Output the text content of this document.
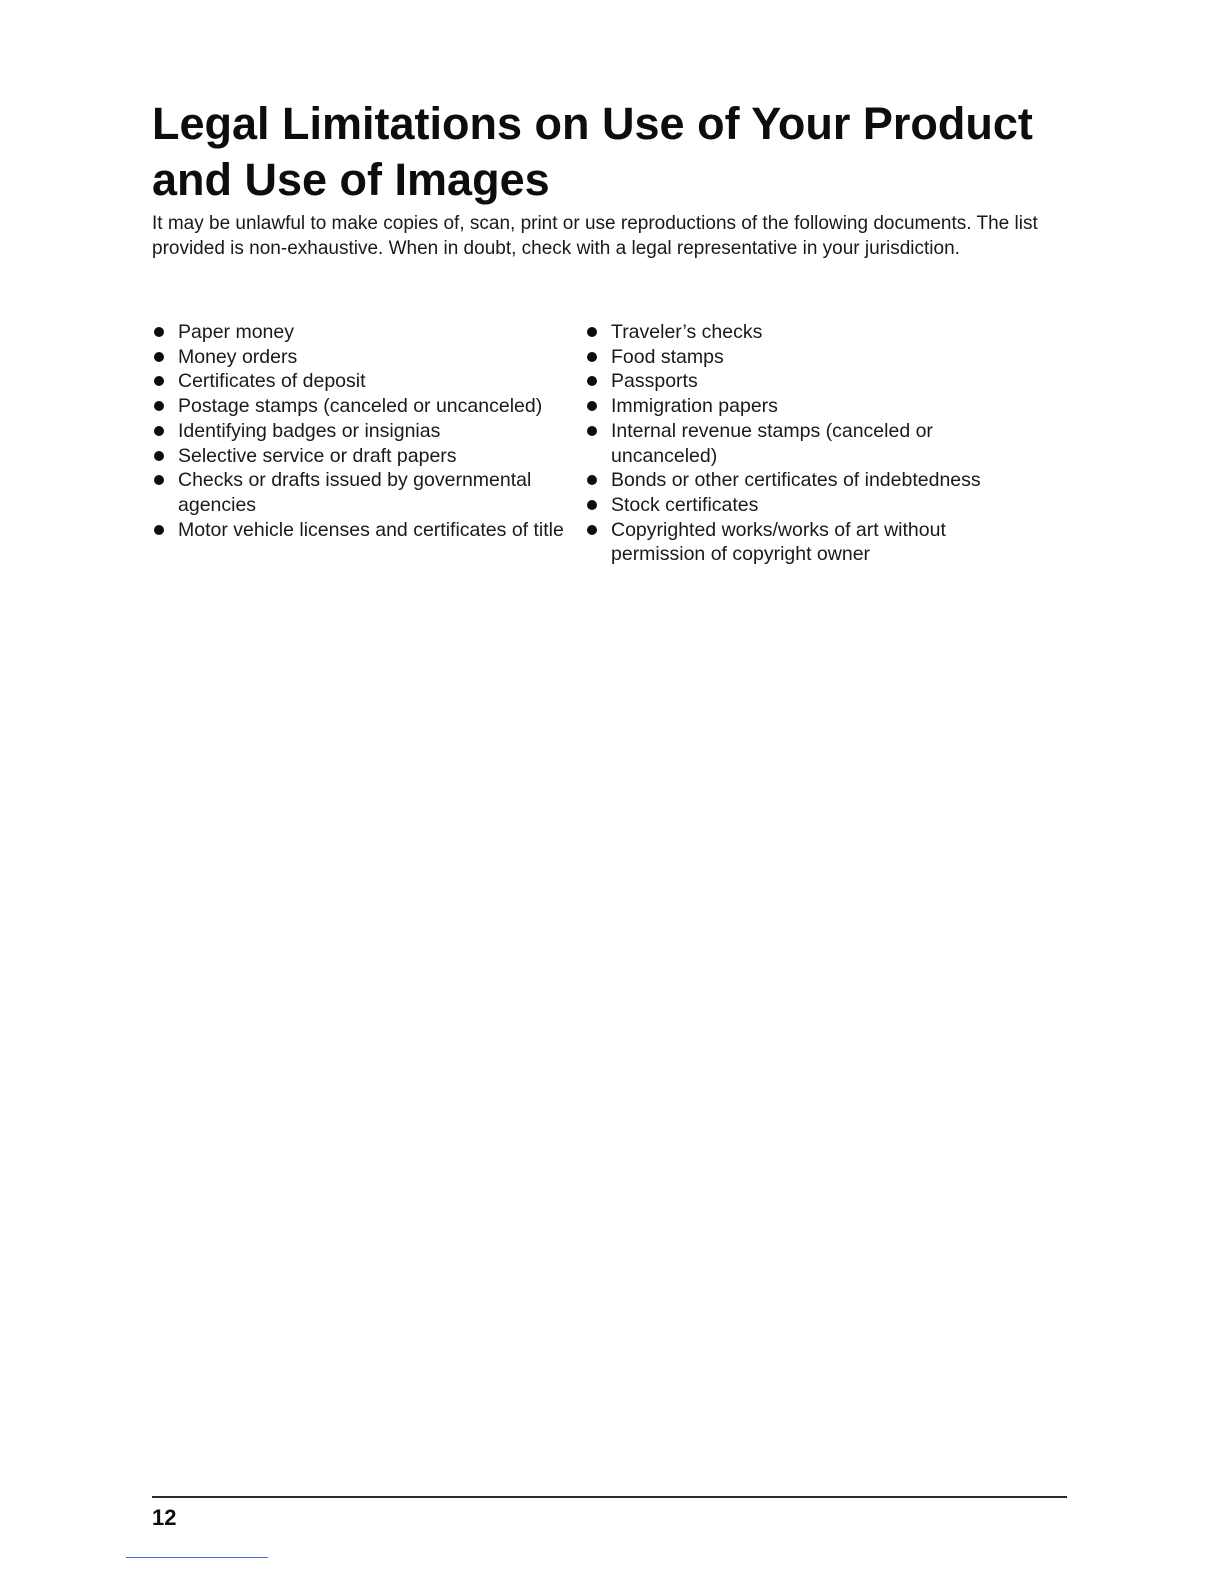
Legal Limitations on Use of Your Product and Use of Images

It may be unlawful to make copies of, scan, print or use reproductions of the following documents. The list provided is non-exhaustive. When in doubt, check with a legal representative in your jurisdiction.

Paper money
Money orders
Certificates of deposit
Postage stamps (canceled or uncanceled)
Identifying badges or insignias
Selective service or draft papers
Checks or drafts issued by governmental agencies
Motor vehicle licenses and certificates of title
Traveler’s checks
Food stamps
Passports
Immigration papers
Internal revenue stamps (canceled or uncanceled)
Bonds or other certificates of indebtedness
Stock certificates
Copyrighted works/works of art without permission of copyright owner

12
